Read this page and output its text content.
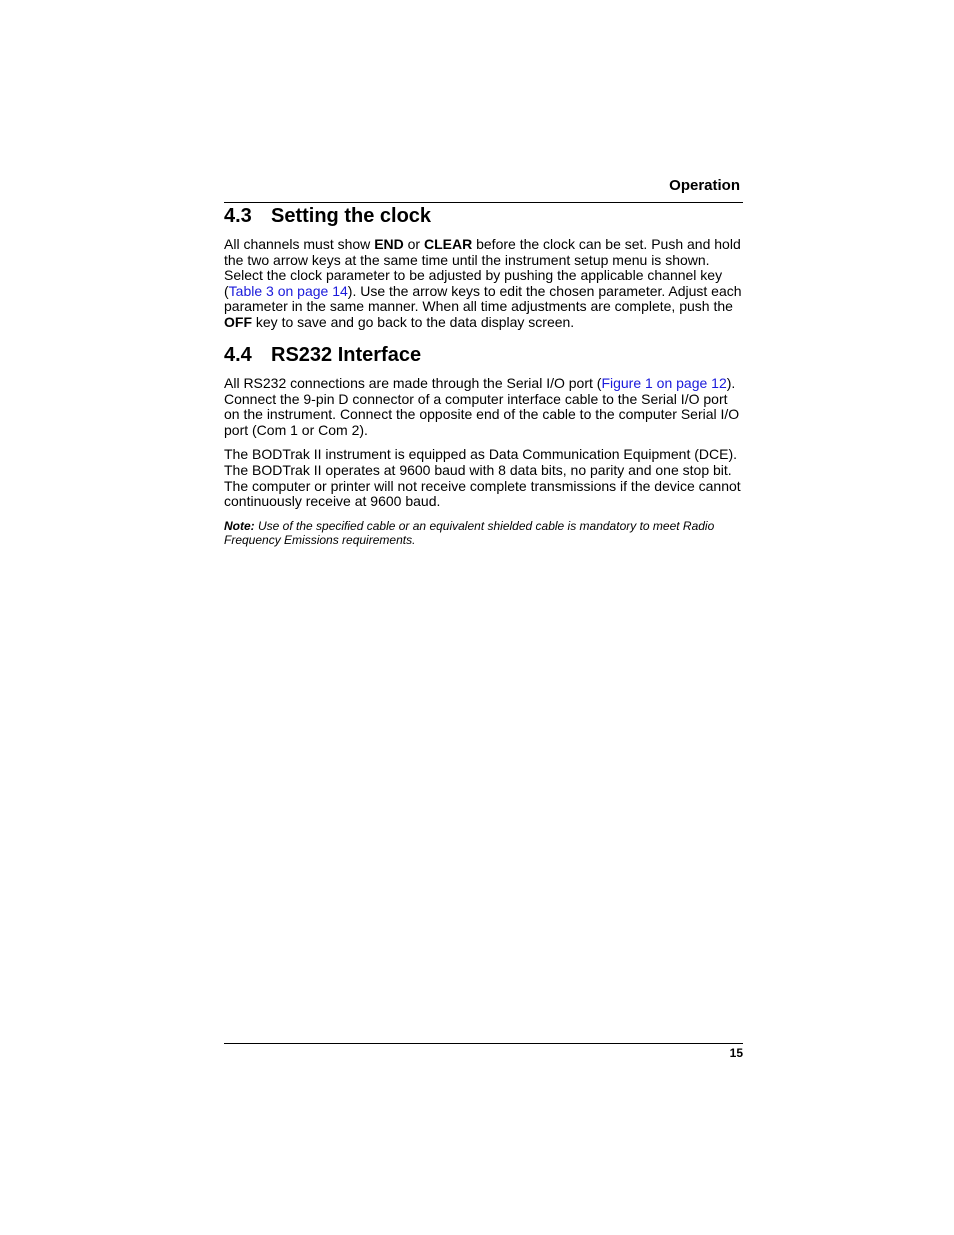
Operation
4.3 Setting the clock

All channels must show END or CLEAR before the clock can be set. Push and hold the two arrow keys at the same time until the instrument setup menu is shown. Select the clock parameter to be adjusted by pushing the applicable channel key (Table 3 on page 14). Use the arrow keys to edit the chosen parameter. Adjust each parameter in the same manner. When all time adjustments are complete, push the OFF key to save and go back to the data display screen.

4.4 RS232 Interface

All RS232 connections are made through the Serial I/O port (Figure 1 on page 12). Connect the 9-pin D connector of a computer interface cable to the Serial I/O port on the instrument. Connect the opposite end of the cable to the computer Serial I/O port (Com 1 or Com 2).

The BODTrak II instrument is equipped as Data Communication Equipment (DCE). The BODTrak II operates at 9600 baud with 8 data bits, no parity and one stop bit. The computer or printer will not receive complete transmissions if the device cannot continuously receive at 9600 baud.

Note: Use of the specified cable or an equivalent shielded cable is mandatory to meet Radio Frequency Emissions requirements.

15
